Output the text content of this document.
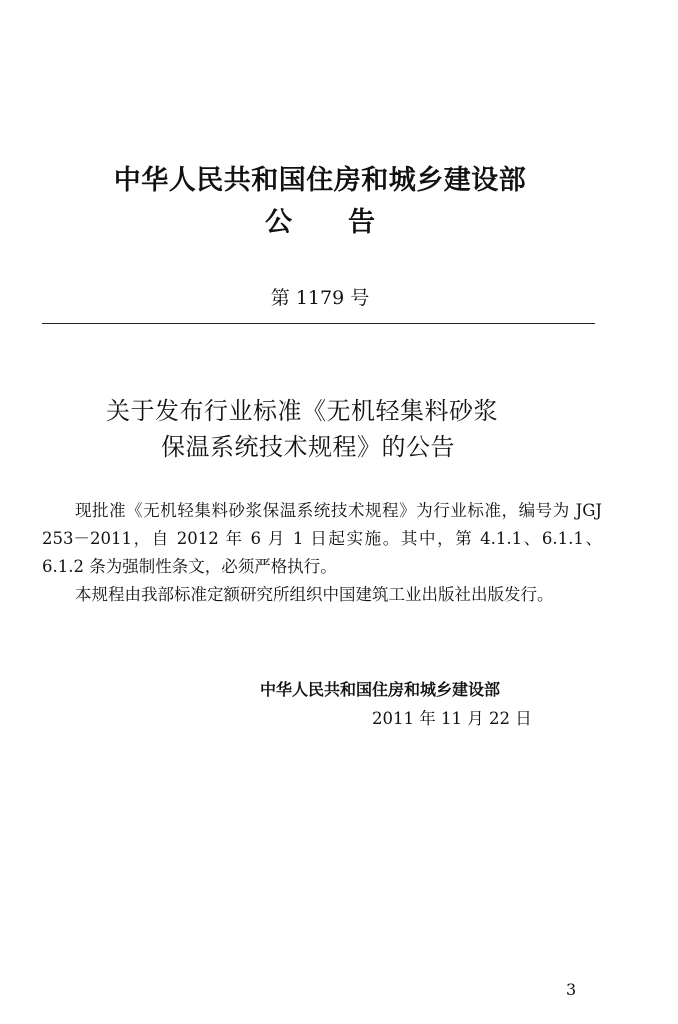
中华人民共和国住房和城乡建设部
公 告
第 1179 号
关于发布行业标准《无机轻集料砂浆
保温系统技术规程》的公告

现批准《无机轻集料砂浆保温系统技术规程》为行业标准，编号为 JGJ 253－2011，自 2012 年 6 月 1 日起实施。其中，第 4.1.1、6.1.1、6.1.2 条为强制性条文，必须严格执行。

本规程由我部标准定额研究所组织中国建筑工业出版社出版发行。

中华人民共和国住房和城乡建设部
2011 年 11 月 22 日
3
